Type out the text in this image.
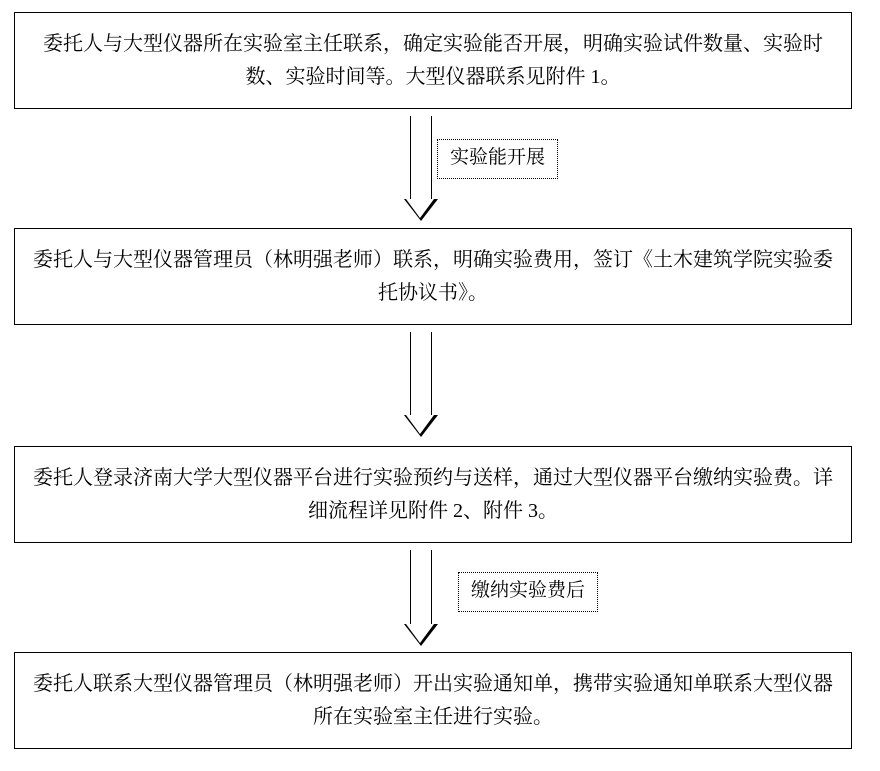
委托人与大型仪器所在实验室主任联系，确定实验能否开展，明确实验试件数量、实验时数、实验时间等。大型仪器联系见附件 1。
实验能开展
委托人与大型仪器管理员（林明强老师）联系，明确实验费用，签订《土木建筑学院实验委托协议书》。
委托人登录济南大学大型仪器平台进行实验预约与送样，通过大型仪器平台缴纳实验费。详细流程详见附件 2、附件 3。
缴纳实验费后
委托人联系大型仪器管理员（林明强老师）开出实验通知单，携带实验通知单联系大型仪器所在实验室主任进行实验。
